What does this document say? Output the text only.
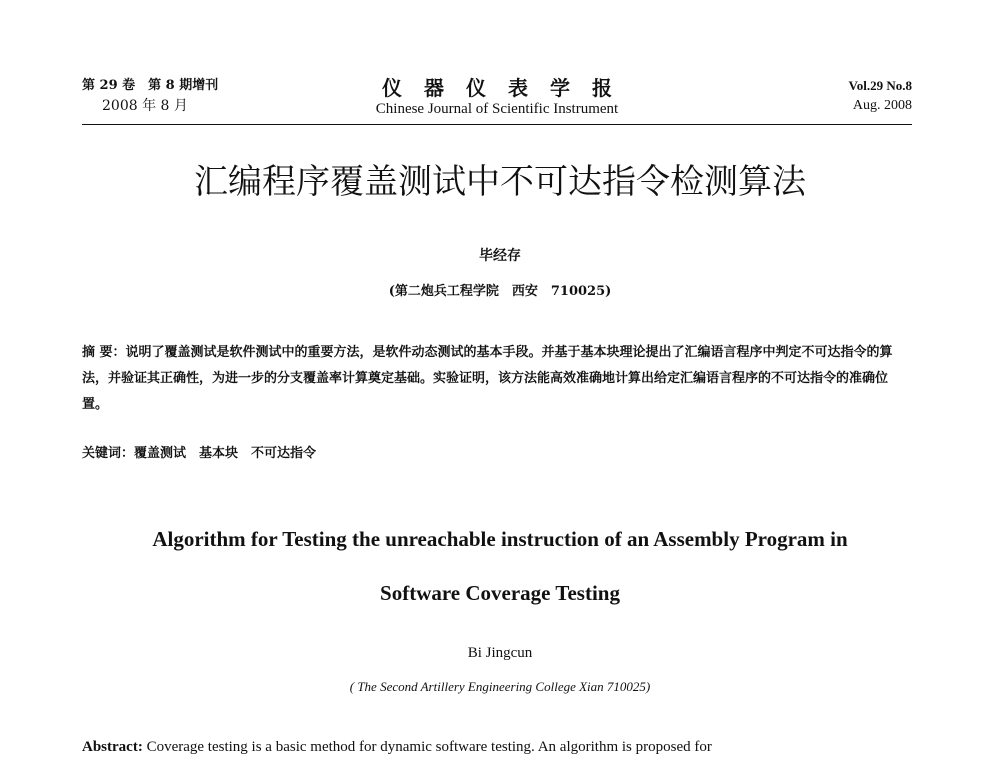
第 29 卷　第 8 期增刊
2008 年 8 月
仪器仪表学报
Chinese Journal of Scientific Instrument
Vol.29 No.8
Aug. 2008
汇编程序覆盖测试中不可达指令检测算法
毕经存
(第二炮兵工程学院　西安　710025)
摘 要：说明了覆盖测试是软件测试中的重要方法，是软件动态测试的基本手段。并基于基本块理论提出了汇编语言程序中判定不可达指令的算法，并验证其正确性，为进一步的分支覆盖率计算奠定基础。实验证明，该方法能高效准确地计算出给定汇编语言程序的不可达指令的准确位置。
关键词：覆盖测试　基本块　不可达指令
Algorithm for Testing the unreachable instruction of an Assembly Program in
Software Coverage Testing
Bi Jingcun
( The Second Artillery Engineering College Xian 710025)
Abstract: Coverage testing is a basic method for dynamic software testing. An algorithm is proposed for
